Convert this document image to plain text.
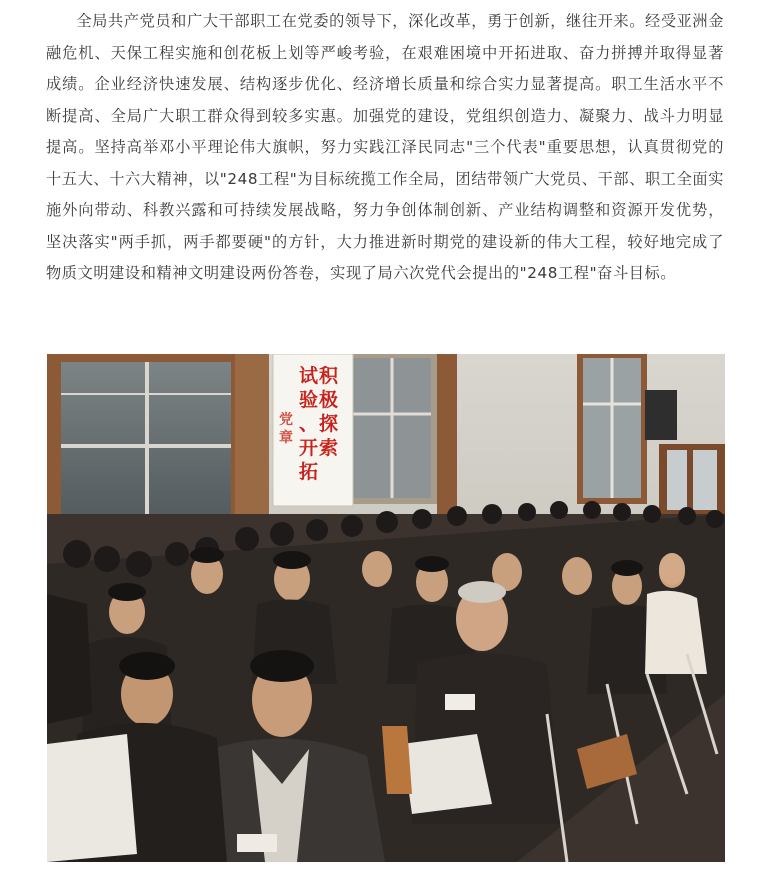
全局共产党员和广大干部职工在党委的领导下，深化改革，勇于创新，继往开来。经受亚洲金融危机、天保工程实施和创花板上划等严峻考验，在艰难困境中开拓进取、奋力拼搏并取得显著成绩。企业经济快速发展、结构逐步优化、经济增长质量和综合实力显著提高。职工生活水平不断提高、全局广大职工群众得到较多实惠。加强党的建设，党组织创造力、凝聚力、战斗力明显提高。坚持高举邓小平理论伟大旗帜，努力实践江泽民同志"三个代表"重要思想，认真贯彻党的十五大、十六大精神，以"248工程"为目标统揽工作全局，团结带领广大党员、干部、职工全面实施外向带动、科教兴露和可持续发展战略，努力争创体制创新、产业结构调整和资源开发优势，坚决落实"两手抓，两手都要硬"的方针，大力推进新时期党的建设新的伟大工程，较好地完成了物质文明建设和精神文明建设两份答卷，实现了局六次党代会提出的"248工程"奋斗目标。

积
极
探
索
开
拓
试
验
、
党
章
